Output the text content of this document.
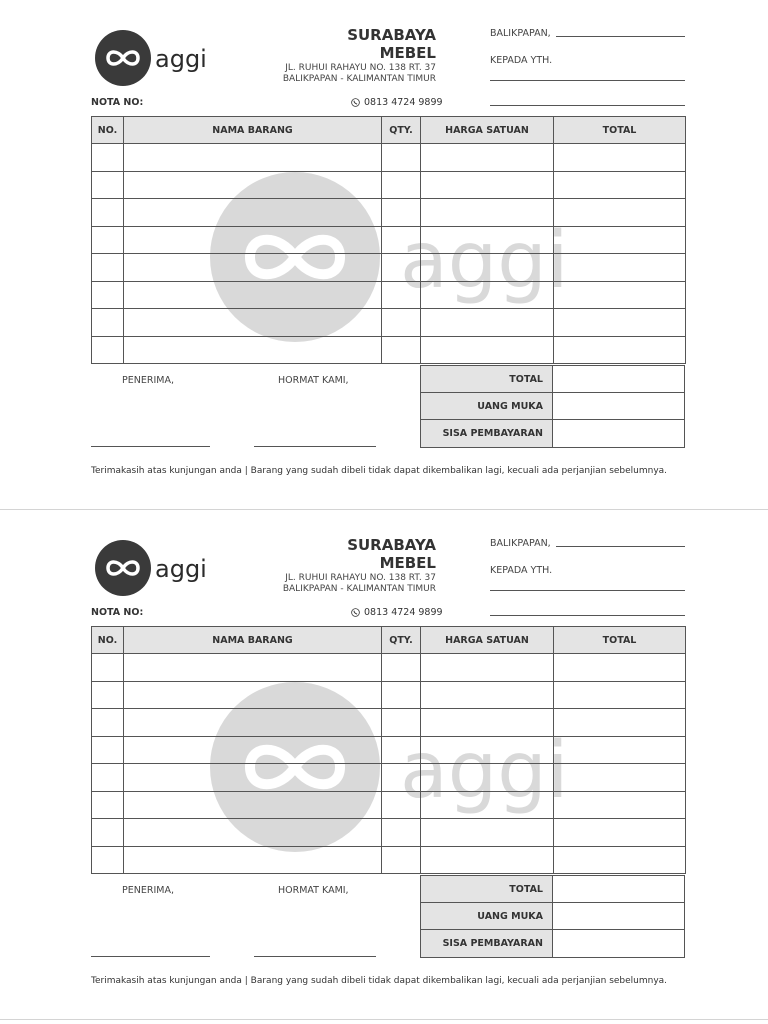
aggi
aggi
SURABAYA
MEBEL
JL. RUHUI RAHAYU NO. 138 RT. 37
BALIKPAPAN - KALIMANTAN TIMUR
NOTA NO:	0813 4724 9899
BALIKPAPAN,
KEPADA YTH.
NO.	NAMA BARANG	QTY.	HARGA SATUAN	TOTAL

PENERIMA,	HORMAT KAMI,	TOTAL	
UANG MUKA	
SISA PEMBAYARAN	
Terimakasih atas kunjungan anda | Barang yang sudah dibeli tidak dapat dikembalikan lagi, kecuali ada perjanjian sebelumnya.
aggi
aggi
SURABAYA
MEBEL
JL. RUHUI RAHAYU NO. 138 RT. 37
BALIKPAPAN - KALIMANTAN TIMUR
NOTA NO:	0813 4724 9899
BALIKPAPAN,
KEPADA YTH.
NO.	NAMA BARANG	QTY.	HARGA SATUAN	TOTAL

PENERIMA,	HORMAT KAMI,	TOTAL	
UANG MUKA	
SISA PEMBAYARAN	
Terimakasih atas kunjungan anda | Barang yang sudah dibeli tidak dapat dikembalikan lagi, kecuali ada perjanjian sebelumnya.
